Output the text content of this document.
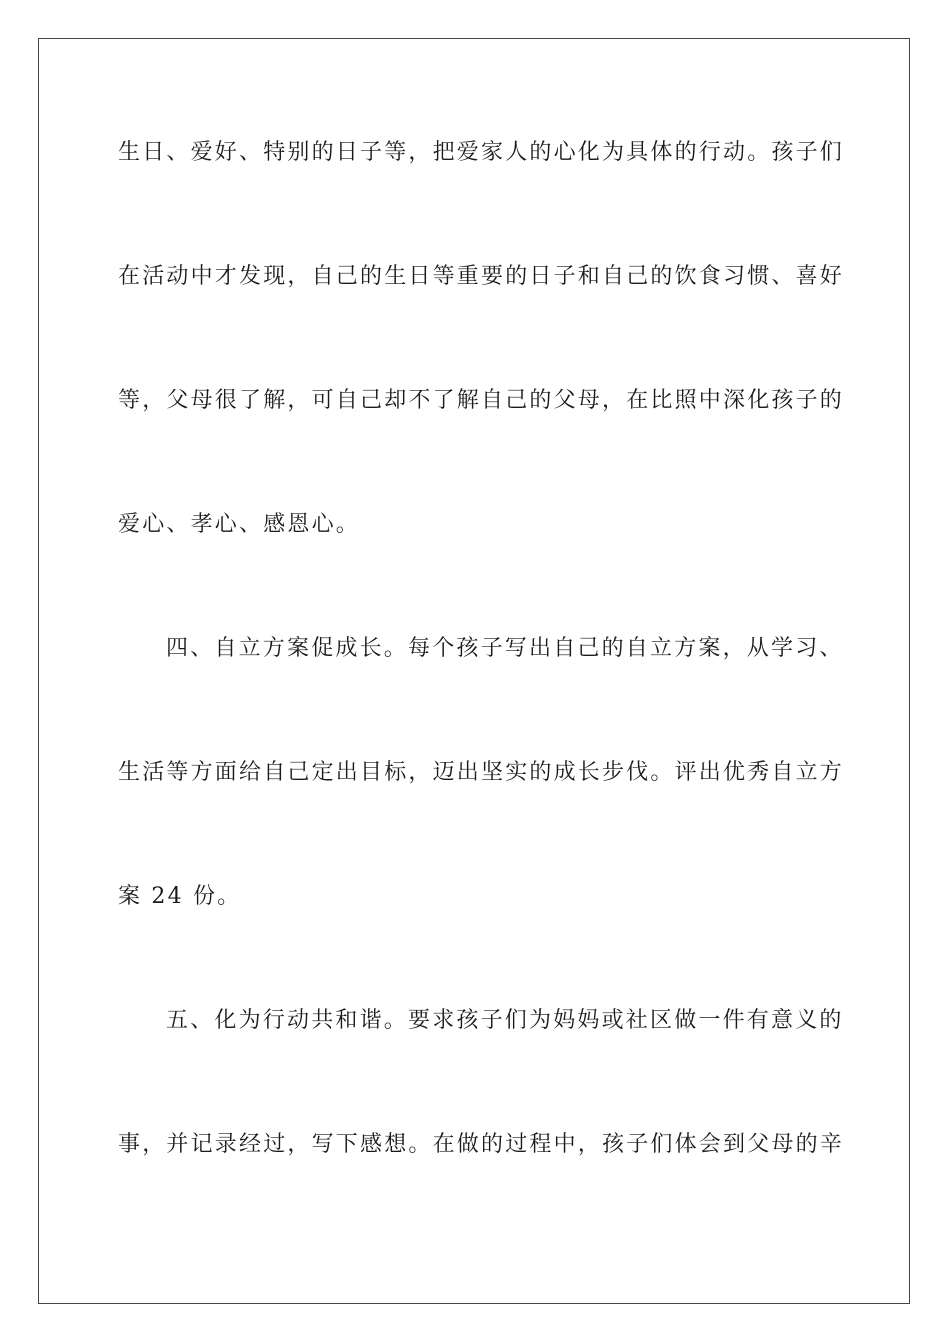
生日、爱好、特别的日子等，把爱家人的心化为具体的行动。孩子们
在活动中才发现，自己的生日等重要的日子和自己的饮食习惯、喜好
等，父母很了解，可自己却不了解自己的父母，在比照中深化孩子的
爱心、孝心、感恩心。
四、自立方案促成长。每个孩子写出自己的自立方案，从学习、
生活等方面给自己定出目标，迈出坚实的成长步伐。评出优秀自立方
案 24 份。
五、化为行动共和谐。要求孩子们为妈妈或社区做一件有意义的
事，并记录经过，写下感想。在做的过程中，孩子们体会到父母的辛
